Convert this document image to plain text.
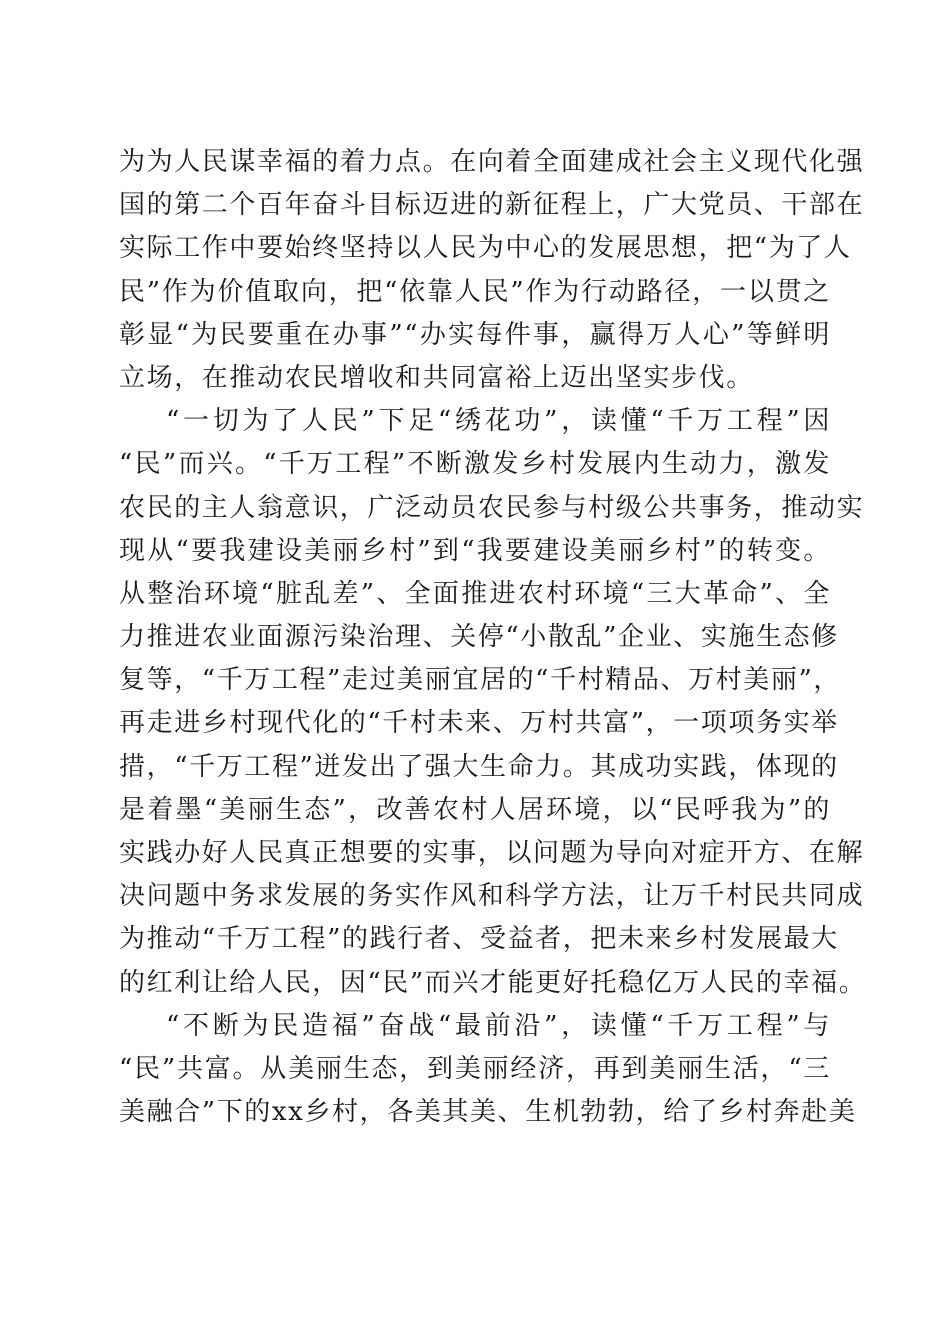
为为人民谋幸福的着力点。在向着全面建成社会主义现代化强
国的第二个百年奋斗目标迈进的新征程上，广大党员、干部在
实际工作中要始终坚持以人民为中心的发展思想，把“为了人
民”作为价值取向，把“依靠人民”作为行动路径，一以贯之
彰显“为民要重在办事”“办实每件事，赢得万人心”等鲜明
立场，在推动农民增收和共同富裕上迈出坚实步伐。
“一切为了人民”下足“绣花功”，读懂“千万工程”因
“民”而兴。“千万工程”不断激发乡村发展内生动力，激发
农民的主人翁意识，广泛动员农民参与村级公共事务，推动实
现从“要我建设美丽乡村”到“我要建设美丽乡村”的转变。
从整治环境“脏乱差”、全面推进农村环境“三大革命”、全
力推进农业面源污染治理、关停“小散乱”企业、实施生态修
复等，“千万工程”走过美丽宜居的“千村精品、万村美丽”，
再走进乡村现代化的“千村未来、万村共富”，一项项务实举
措，“千万工程”迸发出了强大生命力。其成功实践，体现的
是着墨“美丽生态”，改善农村人居环境，以“民呼我为”的
实践办好人民真正想要的实事，以问题为导向对症开方、在解
决问题中务求发展的务实作风和科学方法，让万千村民共同成
为推动“千万工程”的践行者、受益者，把未来乡村发展最大
的红利让给人民，因“民”而兴才能更好托稳亿万人民的幸福。
“不断为民造福”奋战“最前沿”，读懂“千万工程”与
“民”共富。从美丽生态，到美丽经济，再到美丽生活，“三
美融合”下的xx乡村，各美其美、生机勃勃，给了乡村奔赴美
